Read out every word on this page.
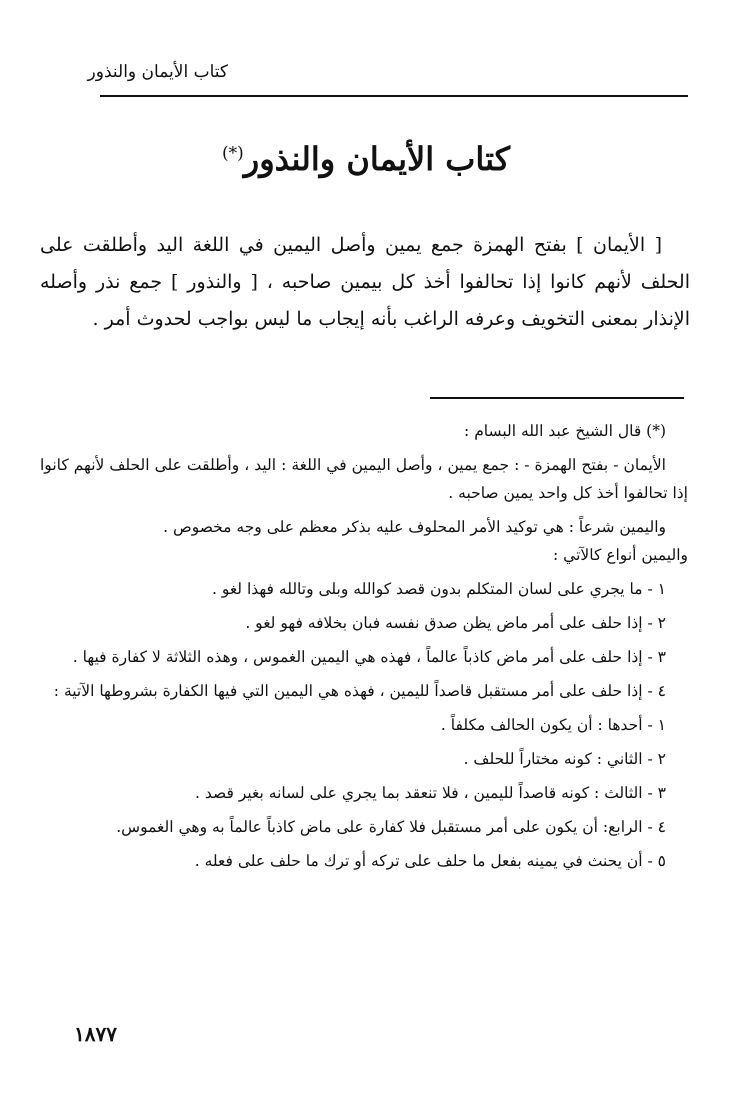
كتاب الأيمان والنذور
كتاب الأيمان والنذور(*)

[ الأيمان ] بفتح الهمزة جمع يمين وأصل اليمين في اللغة اليد وأطلقت على الحلف لأنهم كانوا إذا تحالفوا أخذ كل بيمين صاحبه ، [ والنذور ] جمع نذر وأصله الإنذار بمعنى التخويف وعرفه الراغب بأنه إيجاب ما ليس بواجب لحدوث أمر .

(*) قال الشيخ عبد الله البسام :

الأيمان - بفتح الهمزة - : جمع يمين ، وأصل اليمين في اللغة : اليد ، وأطلقت على الحلف لأنهم كانوا إذا تحالفوا أخذ كل واحد يمين صاحبه .

واليمين شرعاً : هي توكيد الأمر المحلوف عليه بذكر معظم على وجه مخصوص .

واليمين أنواع كالآتي :

١ - ما يجري على لسان المتكلم بدون قصد كوالله وبلى وتالله فهذا لغو .

٢ - إذا حلف على أمر ماض يظن صدق نفسه فبان بخلافه فهو لغو .

٣ - إذا حلف على أمر ماض كاذباً عالماً ، فهذه هي اليمين الغموس ، وهذه الثلاثة لا كفارة فيها .

٤ - إذا حلف على أمر مستقبل قاصداً لليمين ، فهذه هي اليمين التي فيها الكفارة بشروطها الآتية :

١ - أحدها : أن يكون الحالف مكلفاً .

٢ - الثاني : كونه مختاراً للحلف .

٣ - الثالث : كونه قاصداً لليمين ، فلا تنعقد بما يجري على لسانه بغير قصد .

٤ - الرابع: أن يكون على أمر مستقبل فلا كفارة على ماض كاذباً عالماً به وهي الغموس.

٥ - أن يحنث في يمينه بفعل ما حلف على تركه أو ترك ما حلف على فعله .

١٨٧٧
